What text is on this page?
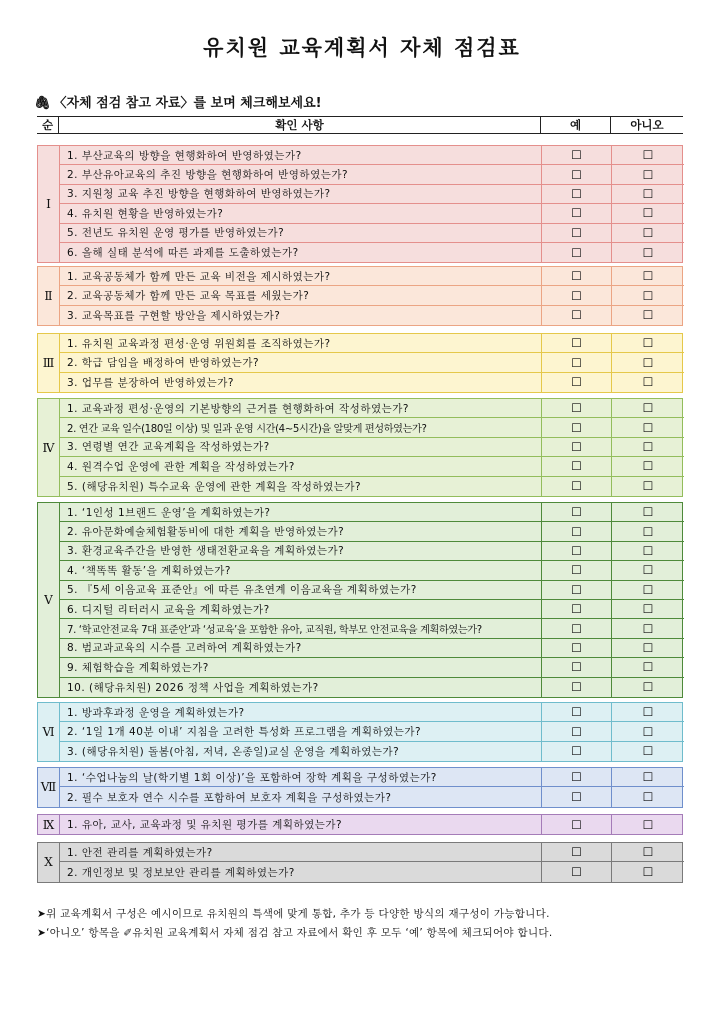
유치원 교육계획서 자체 점검표
🖇 〈자체 점검 참고 자료〉를 보며 체크해보세요!
순	확인 사항	예	아니오
Ⅰ
1. 부산교육의 방향을 현행화하여 반영하였는가?	☐	☐
2. 부산유아교육의 추진 방향을 현행화하여 반영하였는가?	☐	☐
3. 지원청 교육 추진 방향을 현행화하여 반영하였는가?	☐	☐
4. 유치원 현황을 반영하였는가?	☐	☐
5. 전년도 유치원 운영 평가를 반영하였는가?	☐	☐
6. 올해 실태 분석에 따른 과제를 도출하였는가?	☐	☐
Ⅱ
1. 교육공동체가 함께 만든 교육 비전을 제시하였는가?	☐	☐
2. 교육공동체가 함께 만든 교육 목표를 세웠는가?	☐	☐
3. 교육목표를 구현할 방안을 제시하였는가?	☐	☐
Ⅲ
1. 유치원 교육과정 편성·운영 위원회를 조직하였는가?	☐	☐
2. 학급 담임을 배정하여 반영하였는가?	☐	☐
3. 업무를 분장하여 반영하였는가?	☐	☐
Ⅳ
1. 교육과정 편성·운영의 기본방향의 근거를 현행화하여 작성하였는가?	☐	☐
2. 연간 교육 일수(180일 이상) 및 일과 운영 시간(4~5시간)을 알맞게 편성하였는가?	☐	☐
3. 연령별 연간 교육계획을 작성하였는가?	☐	☐
4. 원격수업 운영에 관한 계획을 작성하였는가?	☐	☐
5. (해당유치원) 특수교육 운영에 관한 계획을 작성하였는가?	☐	☐
Ⅴ
1. ‘1인성 1브랜드 운영’을 계획하였는가?	☐	☐
2. 유아문화예술체험활동비에 대한 계획을 반영하였는가?	☐	☐
3. 환경교육주간을 반영한 생태전환교육을 계획하였는가?	☐	☐
4. ‘책똑똑 활동’을 계획하였는가?	☐	☐
5. 『5세 이음교육 표준안』에 따른 유초연계 이음교육을 계획하였는가?	☐	☐
6. 디지털 리터러시 교육을 계획하였는가?	☐	☐
7. ‘학교안전교육 7대 표준안’과 ‘성교육’을 포함한 유아, 교직원, 학부모 안전교육을 계획하였는가?	☐	☐
8. 범교과교육의 시수를 고려하여 계획하였는가?	☐	☐
9. 체험학습을 계획하였는가?	☐	☐
10. (해당유치원) 2026 정책 사업을 계획하였는가?	☐	☐
Ⅵ
1. 방과후과정 운영을 계획하였는가?	☐	☐
2. ‘1일 1개 40분 이내’ 지침을 고려한 특성화 프로그램을 계획하였는가?	☐	☐
3. (해당유치원) 돌봄(아침, 저녁, 온종일)교실 운영을 계획하였는가?	☐	☐
Ⅶ
1. ‘수업나눔의 날(학기별 1회 이상)’을 포함하여 장학 계획을 구성하였는가?	☐	☐
2. 필수 보호자 연수 시수를 포함하여 보호자 계획을 구성하였는가?	☐	☐
Ⅸ	1. 유아, 교사, 교육과정 및 유치원 평가를 계획하였는가?	☐	☐
Ⅹ
1. 안전 관리를 계획하였는가?	☐	☐
2. 개인정보 및 정보보안 관리를 계획하였는가?	☐	☐
➤위 교육계획서 구성은 예시이므로 유치원의 특색에 맞게 통합, 추가 등 다양한 방식의 재구성이 가능합니다.
➤‘아니오’ 항목을 ✐유치원 교육계획서 자체 점검 참고 자료에서 확인 후 모두 ‘예’ 항목에 체크되어야 합니다.
